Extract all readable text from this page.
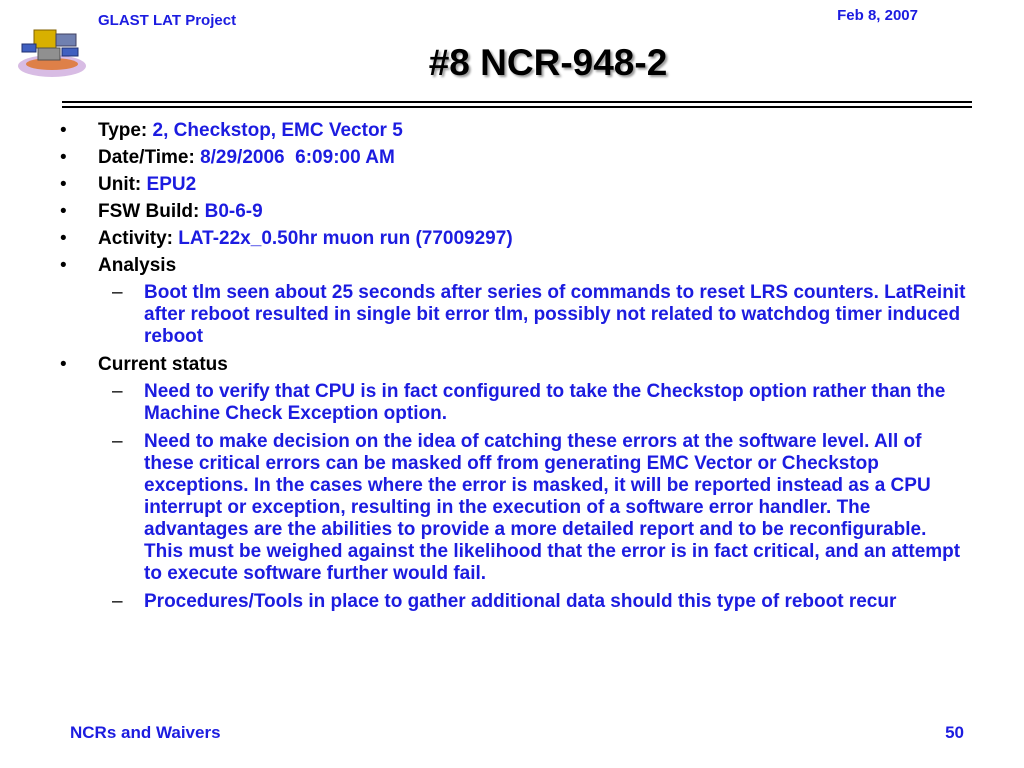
GLAST LAT Project	Feb 8, 2007
#8 NCR-948-2
• Type: 2, Checkstop, EMC Vector 5
• Date/Time: 8/29/2006  6:09:00 AM
• Unit: EPU2
• FSW Build: B0-6-9
• Activity: LAT-22x_0.50hr muon run (77009297)
• Analysis
– Boot tlm seen about 25 seconds after series of commands to reset LRS counters. LatReinit after reboot resulted in single bit error tlm, possibly not related to watchdog timer induced reboot
• Current status
– Need to verify that CPU is in fact configured to take the Checkstop option rather than the Machine Check Exception option.
– Need to make decision on the idea of catching these errors at the software level. All of these critical errors can be masked off from generating EMC Vector or Checkstop exceptions. In the cases where the error is masked, it will be reported instead as a CPU interrupt or exception, resulting in the execution of a software error handler. The advantages are the abilities to provide a more detailed report and to be reconfigurable. This must be weighed against the likelihood that the error is in fact critical, and an attempt to execute software further would fail.
– Procedures/Tools in place to gather additional data should this type of reboot recur
NCRs and Waivers	50
